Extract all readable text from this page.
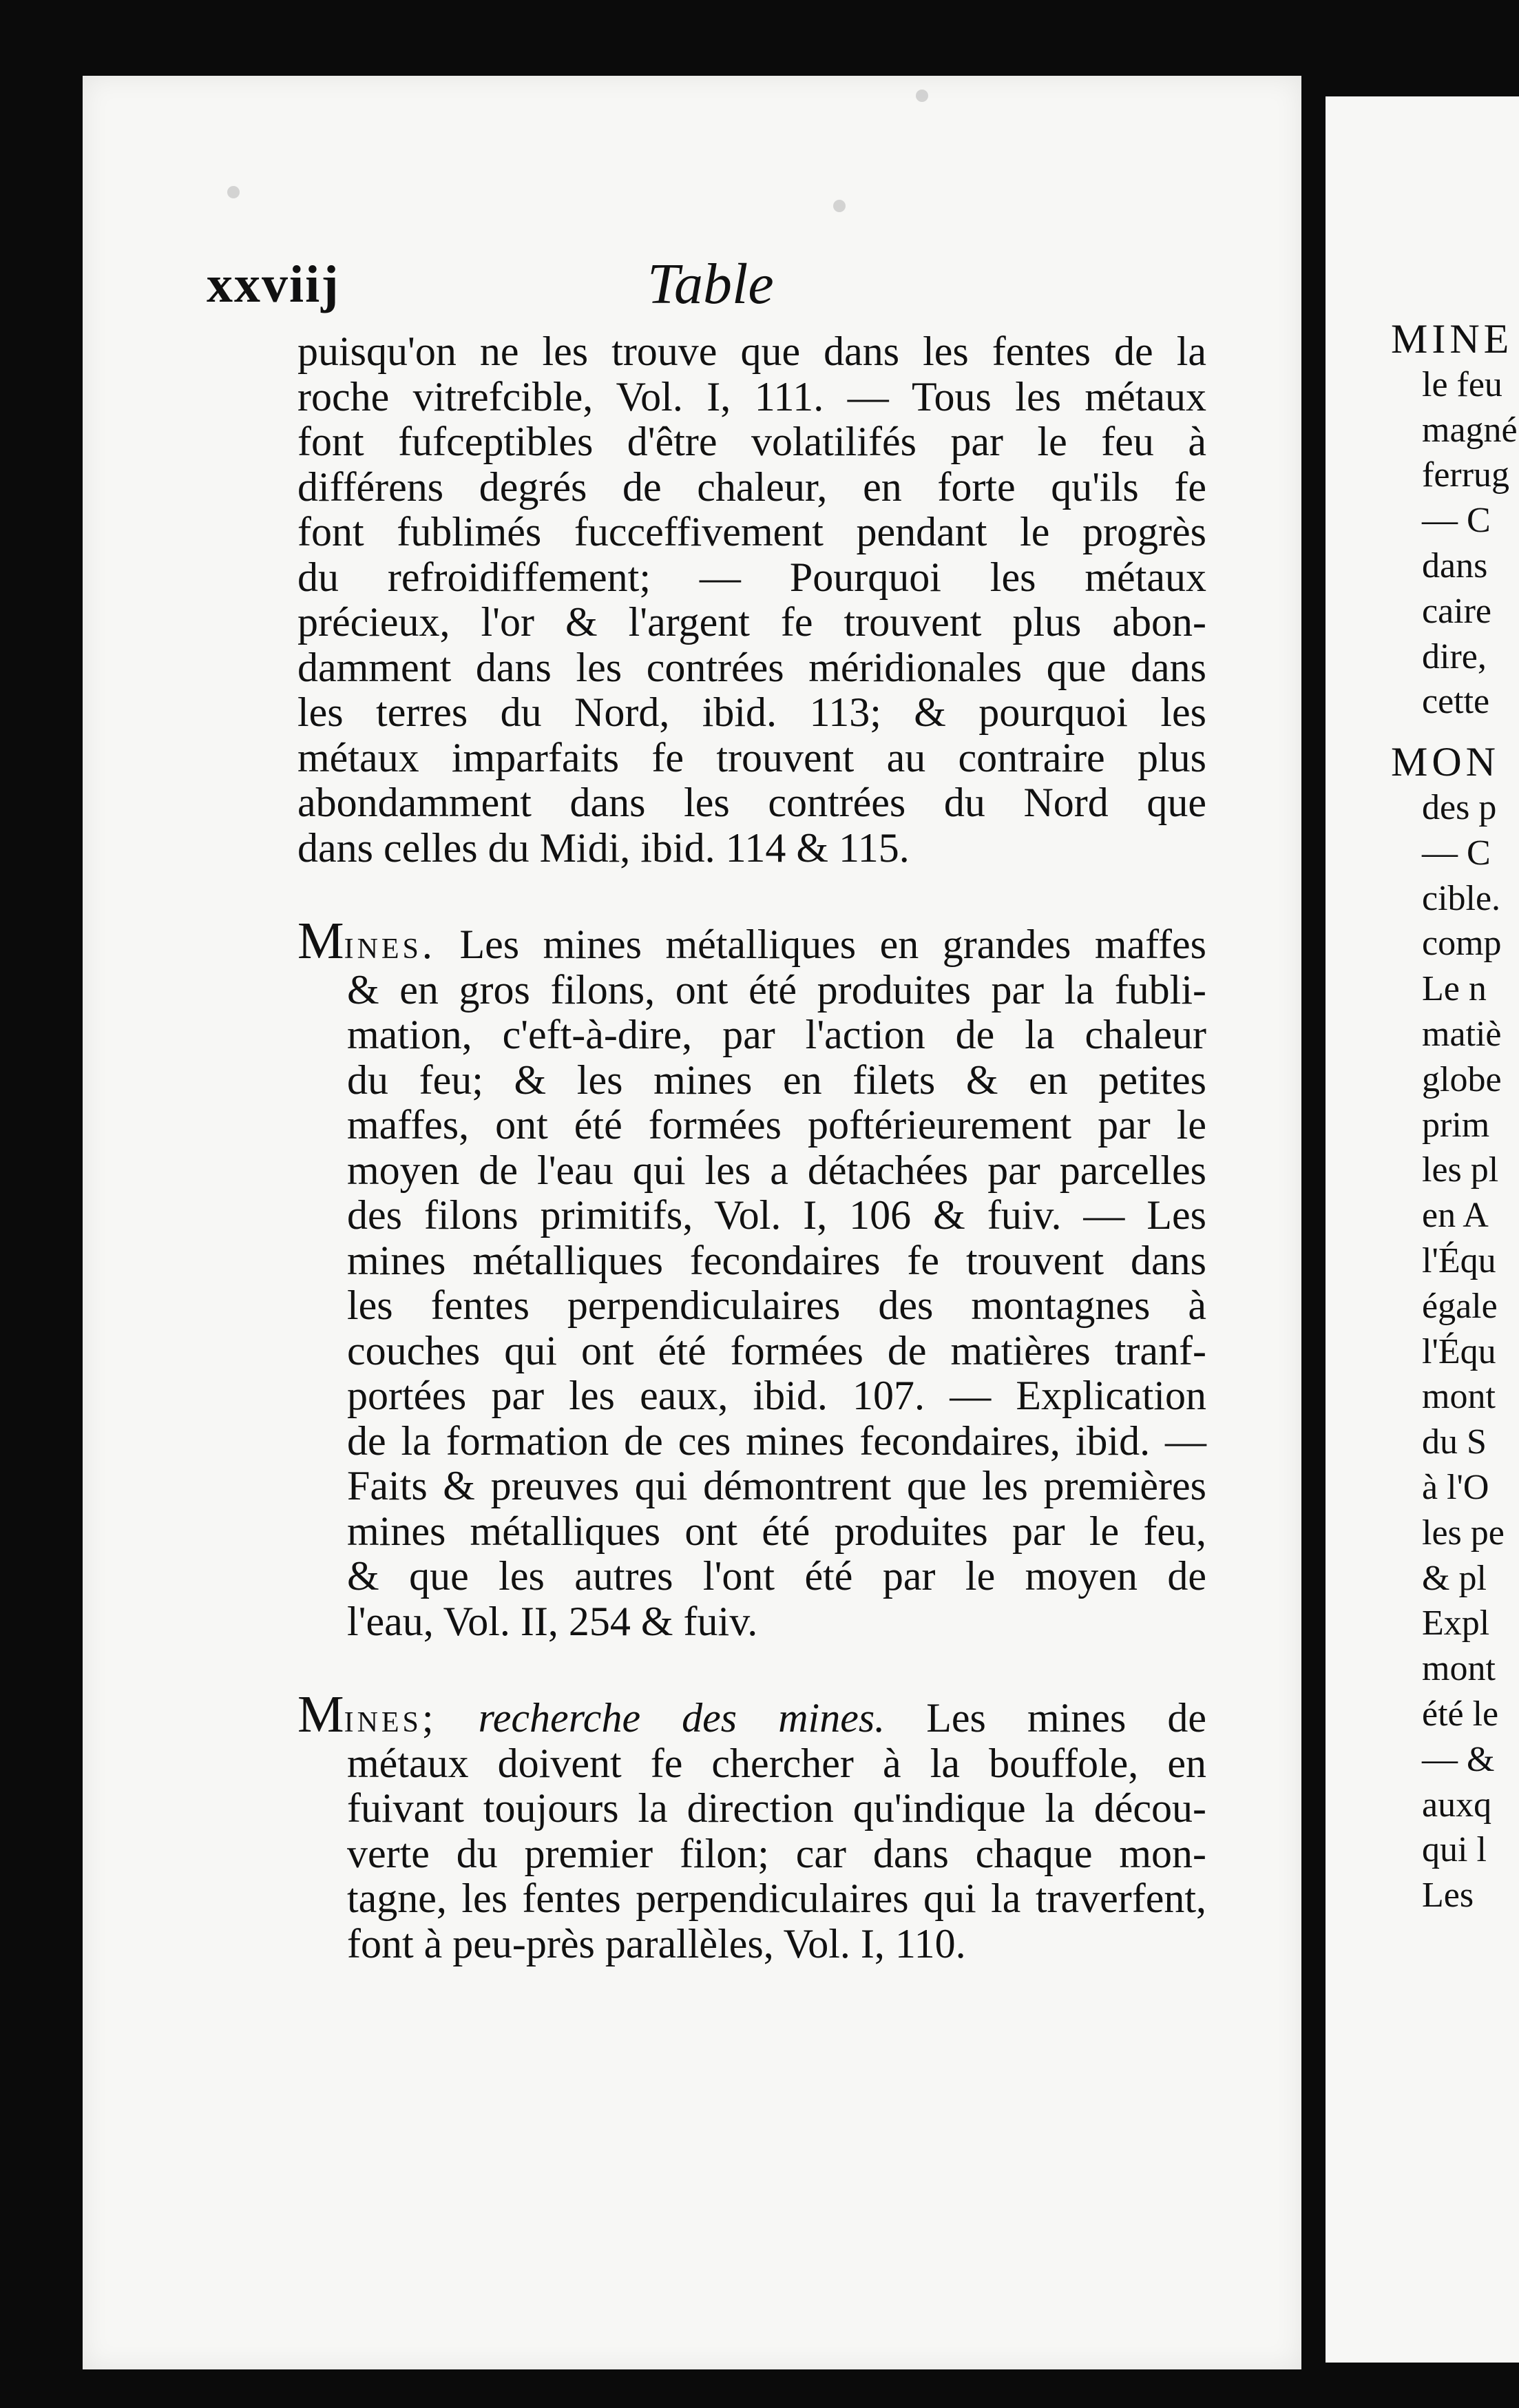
xxviij	Table
puisqu'on ne les trouve que dans les fentes de la
roche vitrefcible, Vol. I, 111. — Tous les métaux
font fufceptibles d'être volatilifés par le feu à
différens degrés de chaleur, en forte qu'ils fe
font fublimés fucceffivement pendant le progrès
du refroidiffement; — Pourquoi les métaux
précieux, l'or & l'argent fe trouvent plus abon-
damment dans les contrées méridionales que dans
les terres du Nord, ibid. 113; & pourquoi les
métaux imparfaits fe trouvent au contraire plus
abondamment dans les contrées du Nord que
dans celles du Midi, ibid. 114 & 115.
Mines. Les mines métalliques en grandes maffes
& en gros filons, ont été produites par la fubli-
mation, c'eft-à-dire, par l'action de la chaleur
du feu; & les mines en filets & en petites
maffes, ont été formées poftérieurement par le
moyen de l'eau qui les a détachées par parcelles
des filons primitifs, Vol. I, 106 & fuiv. — Les
mines métalliques fecondaires fe trouvent dans
les fentes perpendiculaires des montagnes à
couches qui ont été formées de matières tranf-
portées par les eaux, ibid. 107. — Explication
de la formation de ces mines fecondaires, ibid. —
Faits & preuves qui démontrent que les premières
mines métalliques ont été produites par le feu,
& que les autres l'ont été par le moyen de
l'eau, Vol. II, 254 & fuiv.
Mines; recherche des mines. Les mines de
métaux doivent fe chercher à la bouffole, en
fuivant toujours la direction qu'indique la décou-
verte du premier filon; car dans chaque mon-
tagne, les fentes perpendiculaires qui la traverfent,
font à peu-près parallèles, Vol. I, 110.
MINE
le feu
magné
ferrug
— C
dans
caire
dire,
cette
MON
des p
— C
cible.
comp
Le n
matiè
globe
prim
les pl
en A
l'Équ
égale
l'Équ
mont
du S
à l'O
les pe
& pl
Expl
mont
été le
— &
auxq
qui l
Les
